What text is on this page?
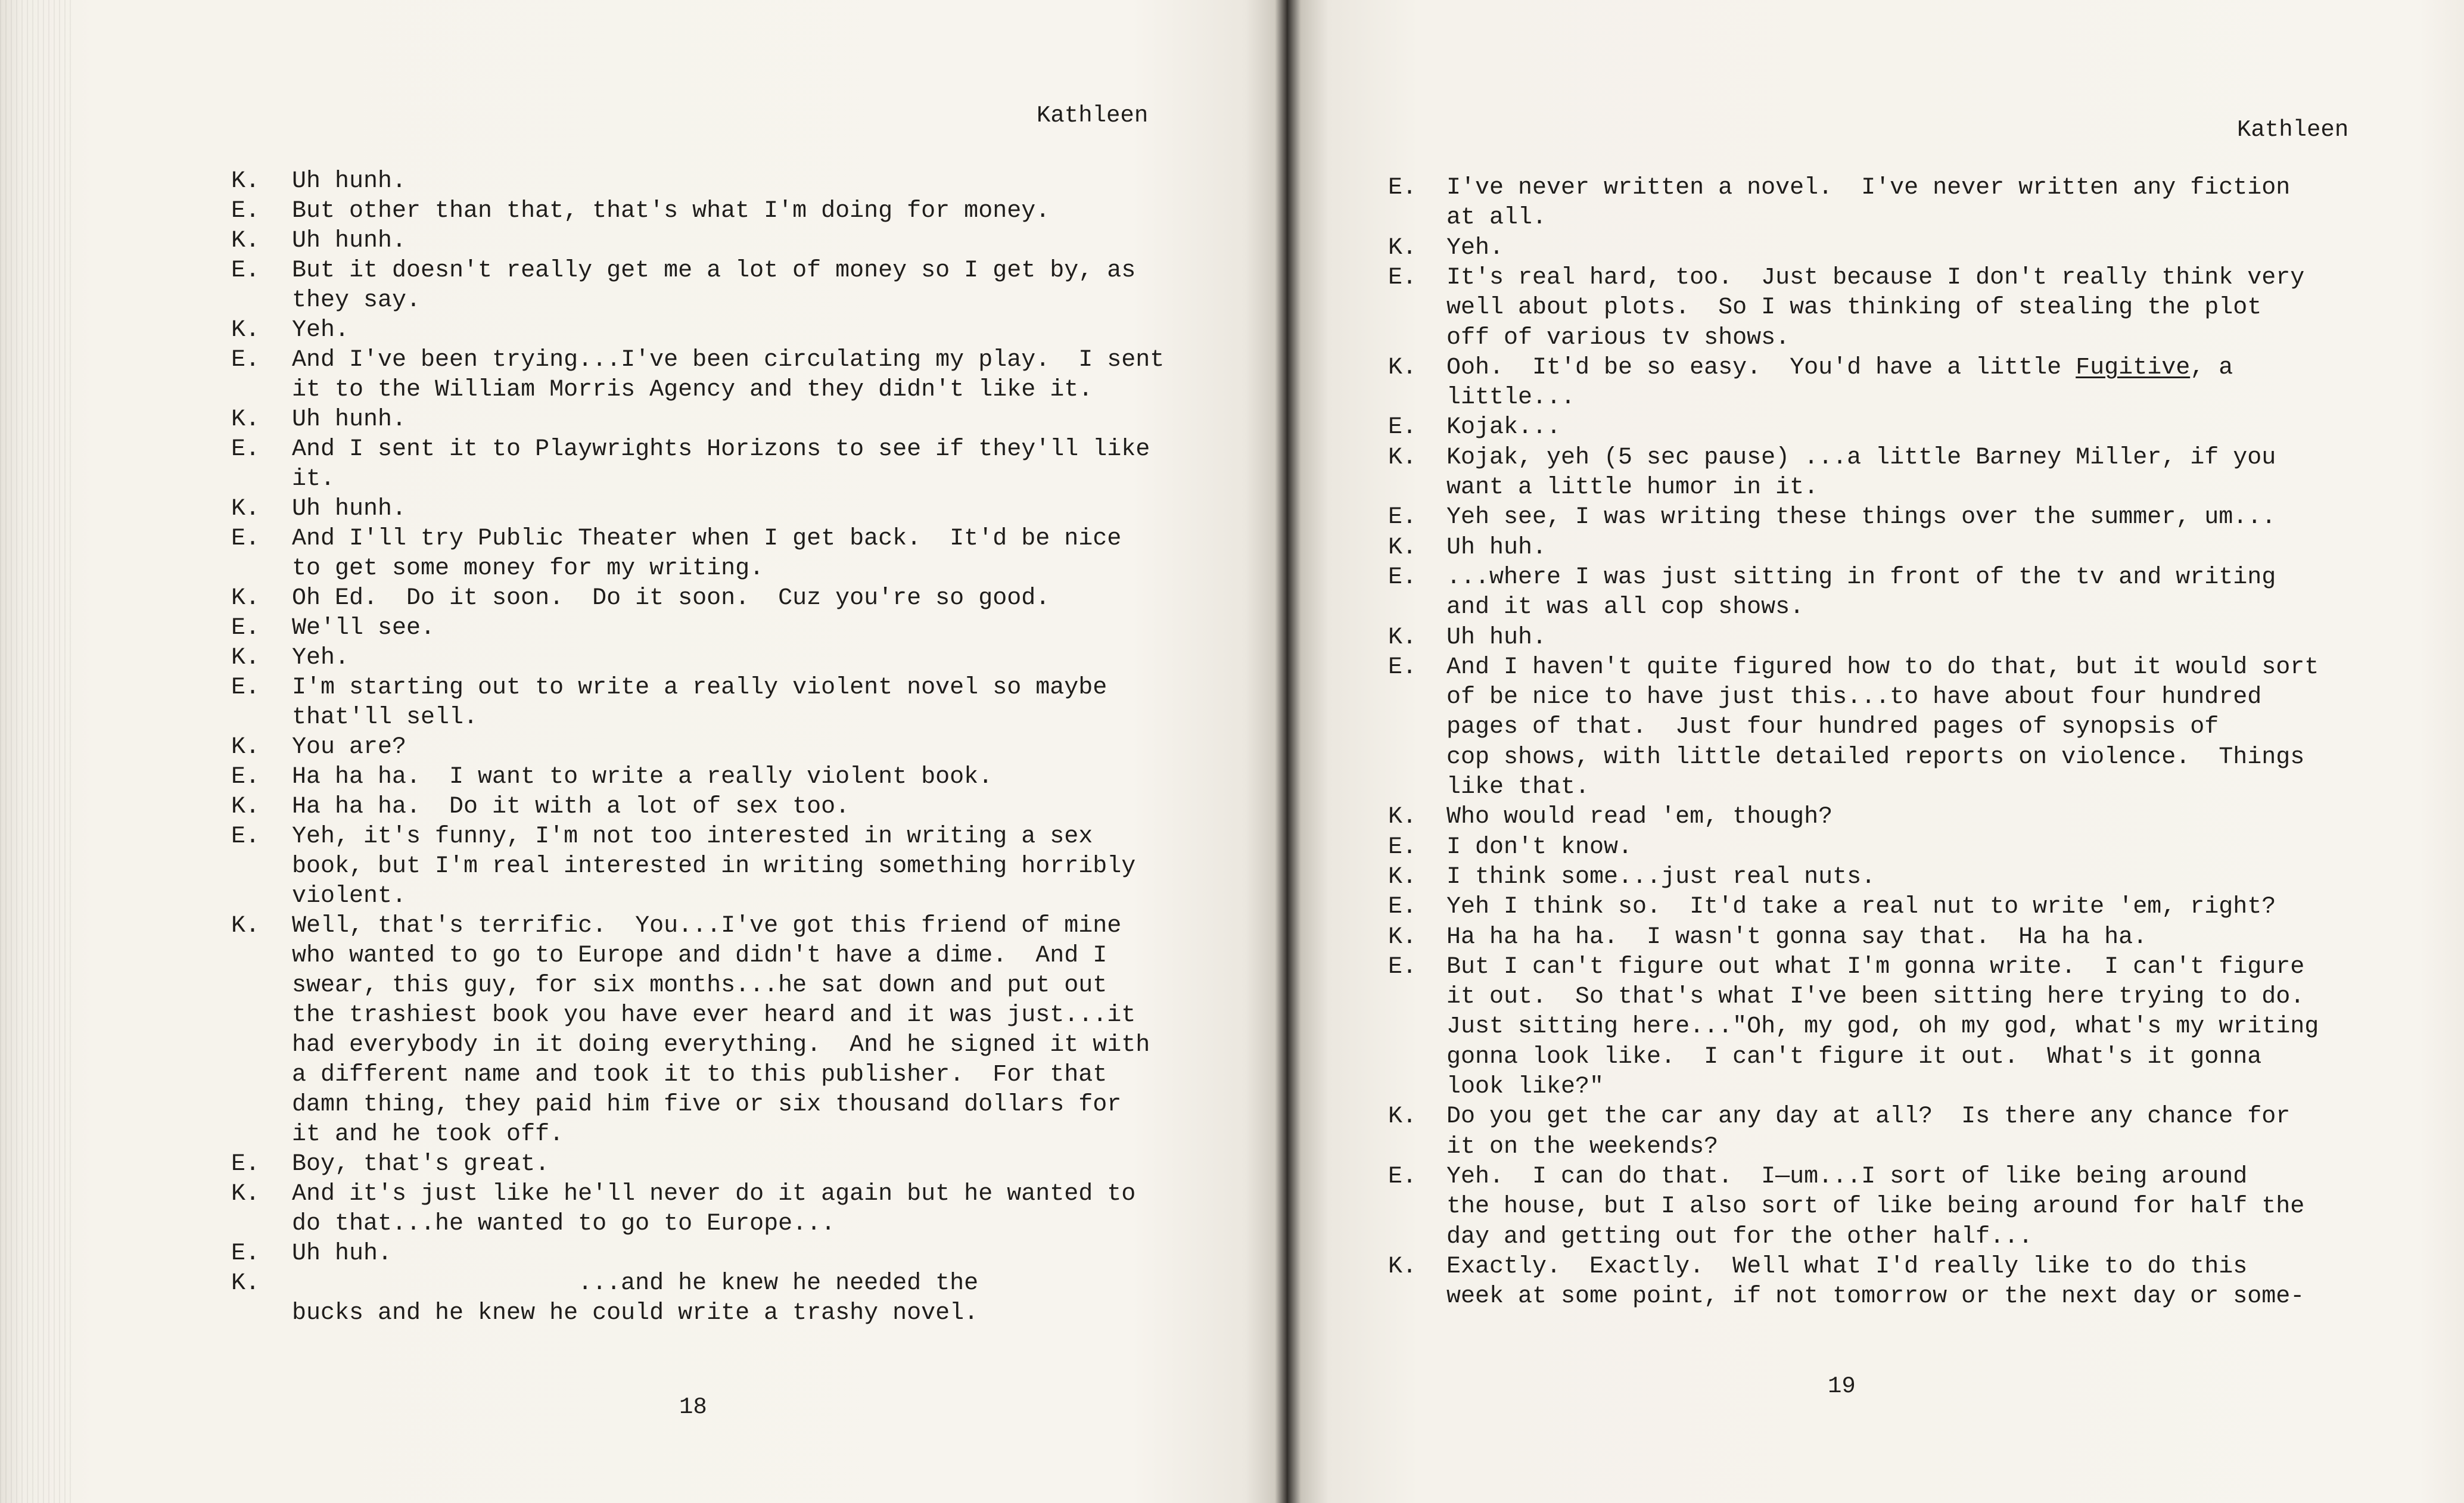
Kathleen
K. Uh hunh.
E. But other than that, that's what I'm doing for money.
K. Uh hunh.
E. But it doesn't really get me a lot of money so I get by, as
they say.
K. Yeh.
E. And I've been trying...I've been circulating my play.  I sent
it to the William Morris Agency and they didn't like it.
K. Uh hunh.
E. And I sent it to Playwrights Horizons to see if they'll like
it.
K. Uh hunh.
E. And I'll try Public Theater when I get back.  It'd be nice
to get some money for my writing.
K. Oh Ed.  Do it soon.  Do it soon.  Cuz you're so good.
E. We'll see.
K. Yeh.
E. I'm starting out to write a really violent novel so maybe
that'll sell.
K. You are?
E. Ha ha ha.  I want to write a really violent book.
K. Ha ha ha.  Do it with a lot of sex too.
E. Yeh, it's funny, I'm not too interested in writing a sex
book, but I'm real interested in writing something horribly
violent.
K. Well, that's terrific.  You...I've got this friend of mine
who wanted to go to Europe and didn't have a dime.  And I
swear, this guy, for six months...he sat down and put out
the trashiest book you have ever heard and it was just...it
had everybody in it doing everything.  And he signed it with
a different name and took it to this publisher.  For that
damn thing, they paid him five or six thousand dollars for
it and he took off.
E. Boy, that's great.
K. And it's just like he'll never do it again but he wanted to
do that...he wanted to go to Europe...
E. Uh huh.
K. ...and he knew he needed the
bucks and he knew he could write a trashy novel.
18
Kathleen
E. I've never written a novel.  I've never written any fiction
at all.
K. Yeh.
E. It's real hard, too.  Just because I don't really think very
well about plots.  So I was thinking of stealing the plot
off of various tv shows.
K. Ooh.  It'd be so easy.  You'd have a little Fugitive, a
little...
E. Kojak...
K. Kojak, yeh (5 sec pause) ...a little Barney Miller, if you
want a little humor in it.
E. Yeh see, I was writing these things over the summer, um...
K. Uh huh.
E. ...where I was just sitting in front of the tv and writing
and it was all cop shows.
K. Uh huh.
E. And I haven't quite figured how to do that, but it would sort
of be nice to have just this...to have about four hundred
pages of that.  Just four hundred pages of synopsis of
cop shows, with little detailed reports on violence.  Things
like that.
K. Who would read 'em, though?
E. I don't know.
K. I think some...just real nuts.
E. Yeh I think so.  It'd take a real nut to write 'em, right?
K. Ha ha ha ha.  I wasn't gonna say that.  Ha ha ha.
E. But I can't figure out what I'm gonna write.  I can't figure
it out.  So that's what I've been sitting here trying to do.
Just sitting here..."Oh, my god, oh my god, what's my writing
gonna look like.  I can't figure it out.  What's it gonna
look like?"
K. Do you get the car any day at all?  Is there any chance for
it on the weekends?
E. Yeh.  I can do that.  I—um...I sort of like being around
the house, but I also sort of like being around for half the
day and getting out for the other half...
K. Exactly.  Exactly.  Well what I'd really like to do this
week at some point, if not tomorrow or the next day or some-
19
